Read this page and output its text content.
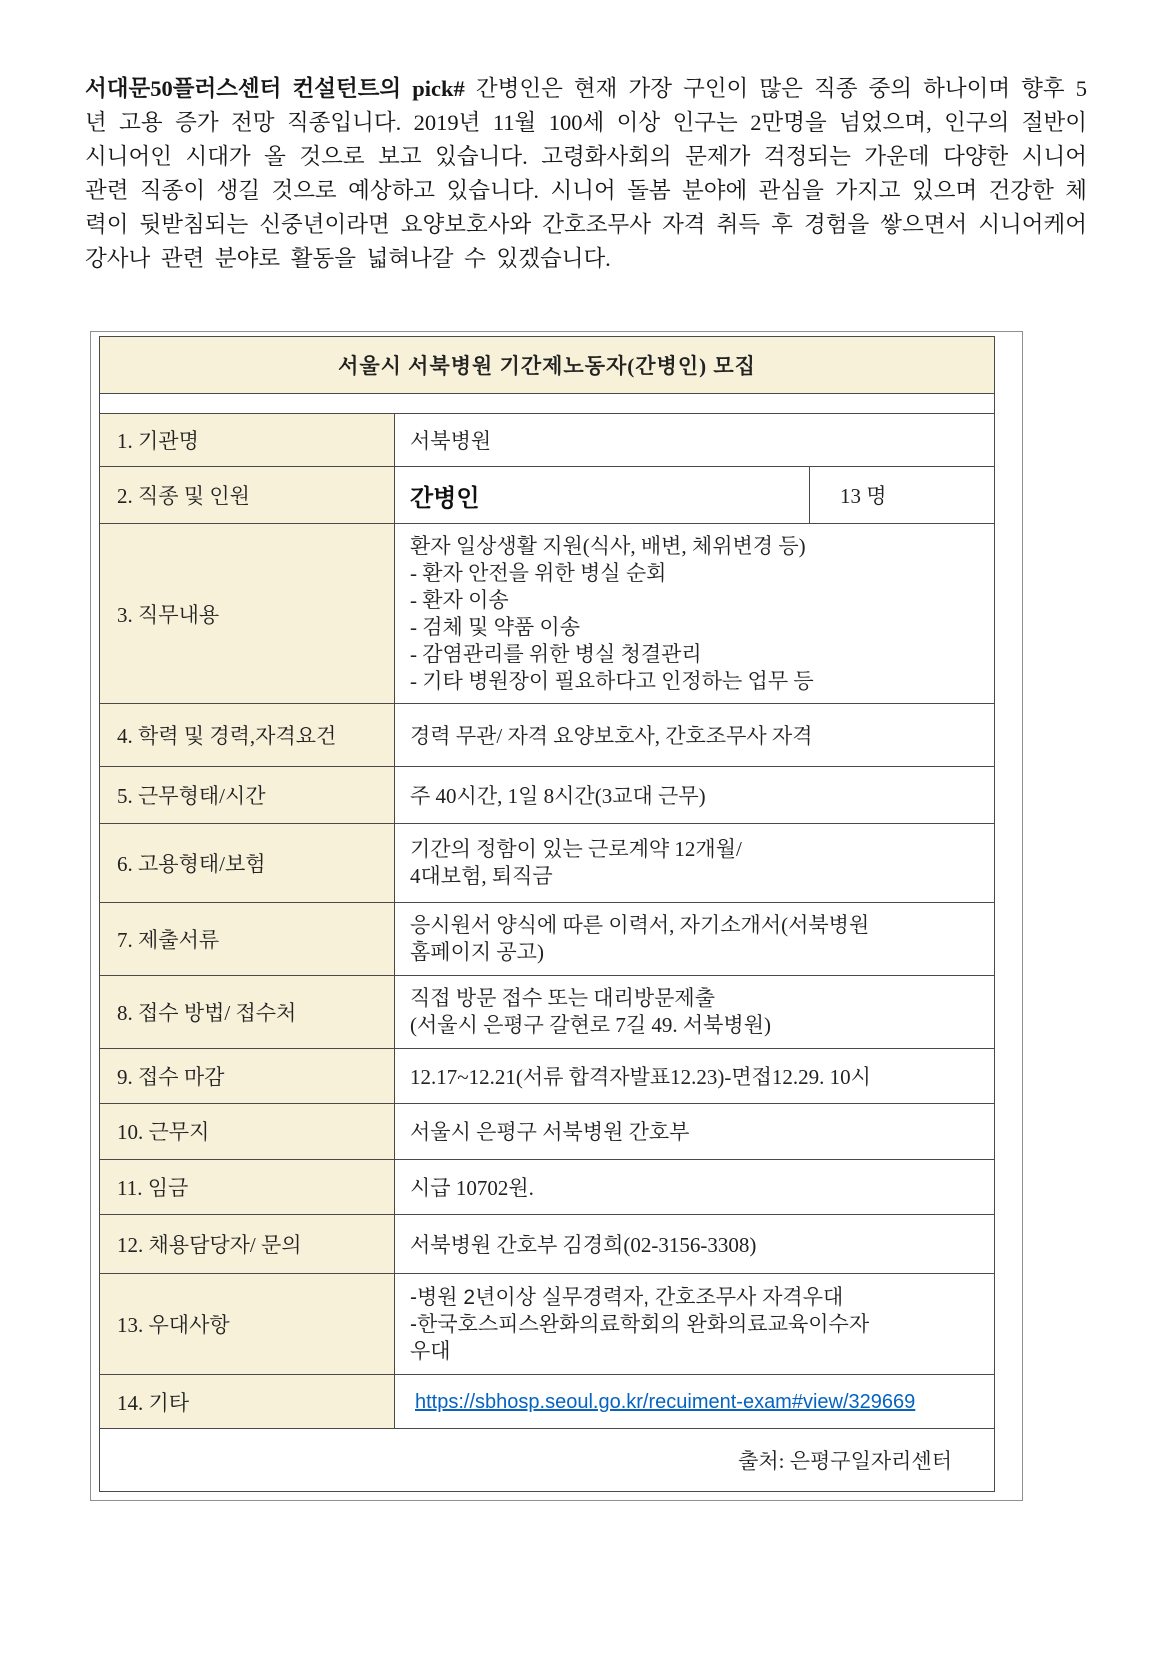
서대문50플러스센터 컨설턴트의 pick# 간병인은 현재 가장 구인이 많은 직종 중의 하나이며 향후 5년 고용 증가 전망 직종입니다. 2019년 11월 100세 이상 인구는 2만명을 넘었으며, 인구의 절반이 시니어인 시대가 올 것으로 보고 있습니다. 고령화사회의 문제가 걱정되는 가운데 다양한 시니어 관련 직종이 생길 것으로 예상하고 있습니다. 시니어 돌봄 분야에 관심을 가지고 있으며 건강한 체력이 뒷받침되는 신중년이라면 요양보호사와 간호조무사 자격 취득 후 경험을 쌓으면서 시니어케어 강사나 관련 분야로 활동을 넓혀나갈 수 있겠습니다.

서울시 서북병원 기간제노동자(간병인) 모집		

1. 기관명	서북병원	
2. 직종 및 인원	간병인	13 명
3. 직무내용	
환자 일상생활 지원(식사, 배변, 체위변경 등)
- 환자 안전을 위한 병실 순회
- 환자 이송
- 검체 및 약품 이송
- 감염관리를 위한 병실 청결관리
- 기타 병원장이 필요하다고 인정하는 업무 등

4. 학력 및 경력,자격요건	경력 무관/ 자격 요양보호사, 간호조무사 자격	
5. 근무형태/시간	주 40시간, 1일 8시간(3교대 근무)	
6. 고용형태/보험	기간의 정함이 있는 근로계약 12개월/
4대보험, 퇴직금	

7. 제출서류	응시원서 양식에 따른 이력서, 자기소개서(서북병원
홈페이지 공고)	

8. 접수 방법/ 접수처	직접 방문 접수 또는 대리방문제출
(서울시 은평구 갈현로 7길 49. 서북병원)	

9. 접수 마감	12.17~12.21(서류 합격자발표12.23)-면접12.29. 10시	
10. 근무지	서울시 은평구 서북병원 간호부	
11. 임금	시급 10702원.	
12. 채용담당자/ 문의	서북병원 간호부 김경희(02-3156-3308)	
13. 우대사항	-병원 2년이상 실무경력자, 간호조무사 자격우대
-한국호스피스완화의료학회의 완화의료교육이수자
우대	

14. 기타	https://sbhosp.seoul.go.kr/recuiment-exam#view/329669	
출처: 은평구일자리센터		
